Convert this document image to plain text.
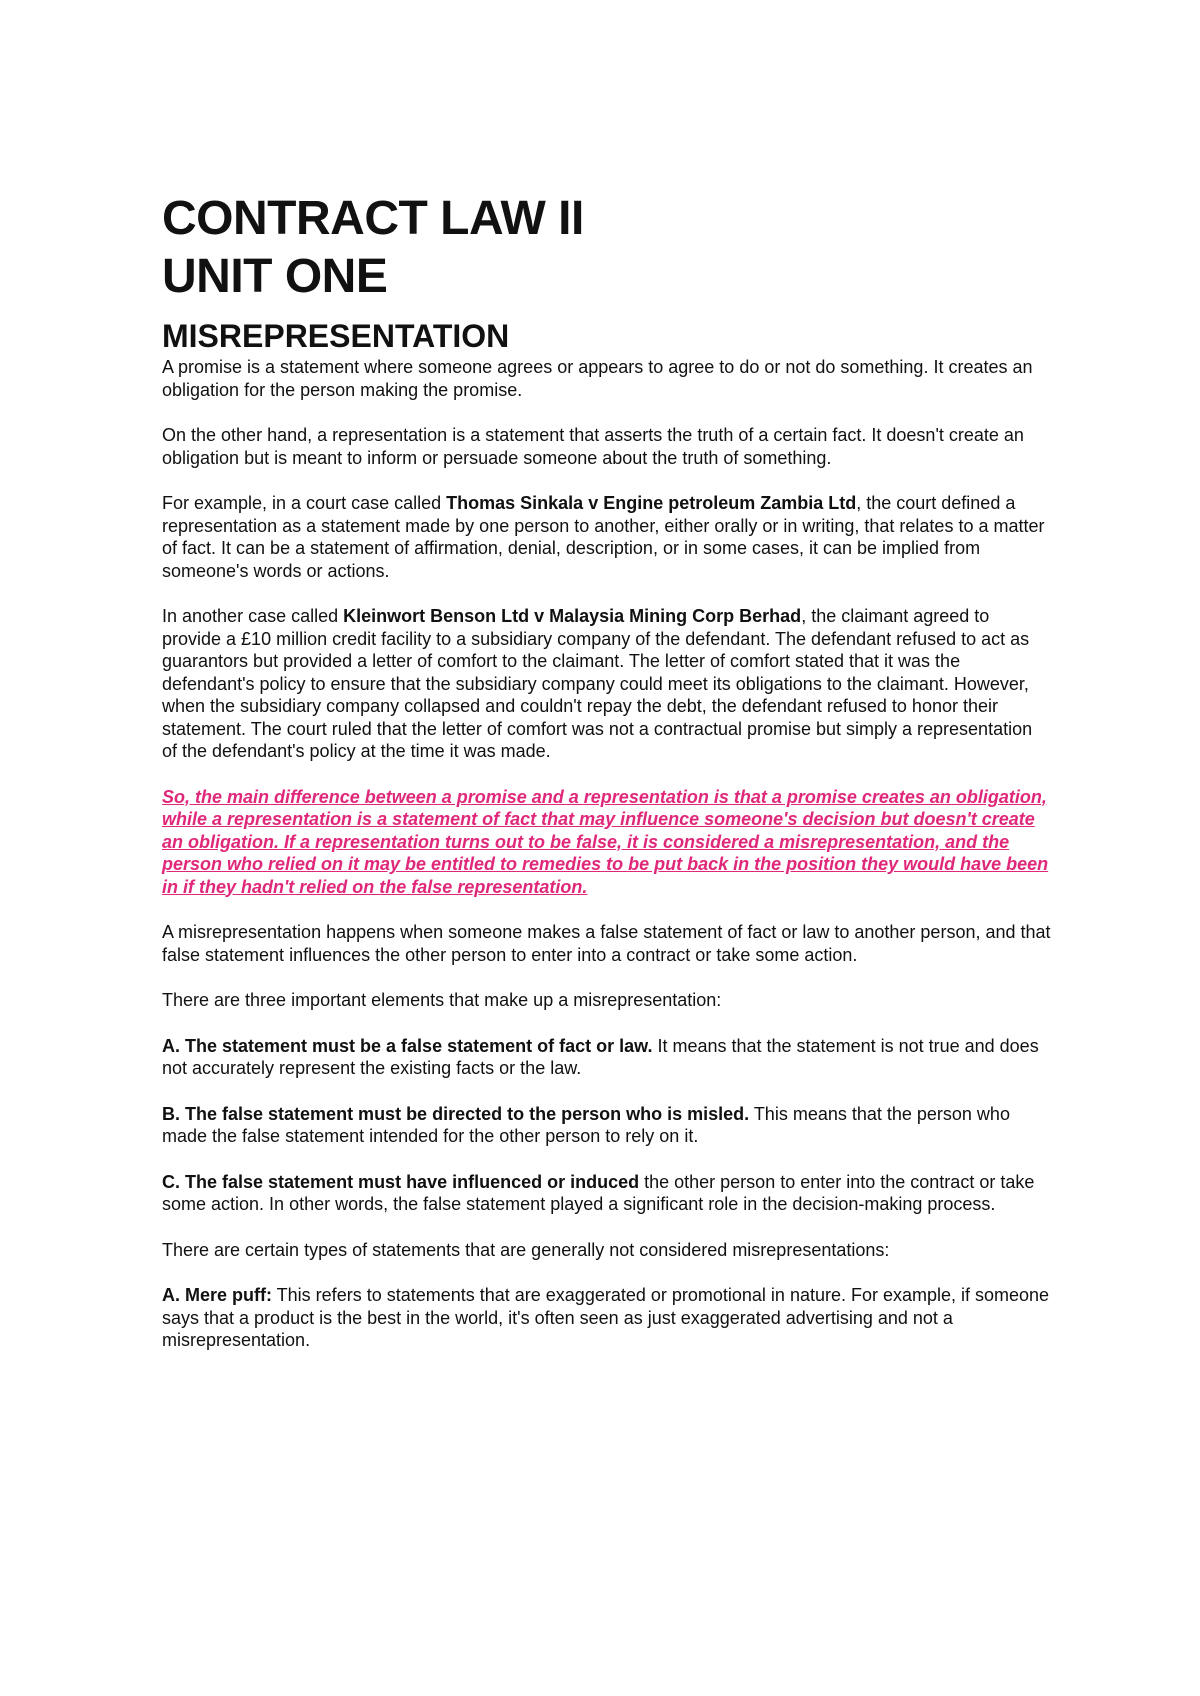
CONTRACT LAW II
UNIT ONE
MISREPRESENTATION

A promise is a statement where someone agrees or appears to agree to do or not do something. It creates an obligation for the person making the promise.

On the other hand, a representation is a statement that asserts the truth of a certain fact. It doesn't create an obligation but is meant to inform or persuade someone about the truth of something.

For example, in a court case called Thomas Sinkala v Engine petroleum Zambia Ltd, the court defined a representation as a statement made by one person to another, either orally or in writing, that relates to a matter of fact. It can be a statement of affirmation, denial, description, or in some cases, it can be implied from someone's words or actions.

In another case called Kleinwort Benson Ltd v Malaysia Mining Corp Berhad, the claimant agreed to provide a £10 million credit facility to a subsidiary company of the defendant. The defendant refused to act as guarantors but provided a letter of comfort to the claimant. The letter of comfort stated that it was the defendant's policy to ensure that the subsidiary company could meet its obligations to the claimant. However, when the subsidiary company collapsed and couldn't repay the debt, the defendant refused to honor their statement. The court ruled that the letter of comfort was not a contractual promise but simply a representation of the defendant's policy at the time it was made.

So, the main difference between a promise and a representation is that a promise creates an obligation, while a representation is a statement of fact that may influence someone's decision but doesn't create an obligation. If a representation turns out to be false, it is considered a misrepresentation, and the person who relied on it may be entitled to remedies to be put back in the position they would have been in if they hadn't relied on the false representation.

A misrepresentation happens when someone makes a false statement of fact or law to another person, and that false statement influences the other person to enter into a contract or take some action.

There are three important elements that make up a misrepresentation:

A. The statement must be a false statement of fact or law. It means that the statement is not true and does not accurately represent the existing facts or the law.

B. The false statement must be directed to the person who is misled. This means that the person who made the false statement intended for the other person to rely on it.

C. The false statement must have influenced or induced the other person to enter into the contract or take some action. In other words, the false statement played a significant role in the decision-making process.

There are certain types of statements that are generally not considered misrepresentations:

A. Mere puff: This refers to statements that are exaggerated or promotional in nature. For example, if someone says that a product is the best in the world, it's often seen as just exaggerated advertising and not a misrepresentation.
